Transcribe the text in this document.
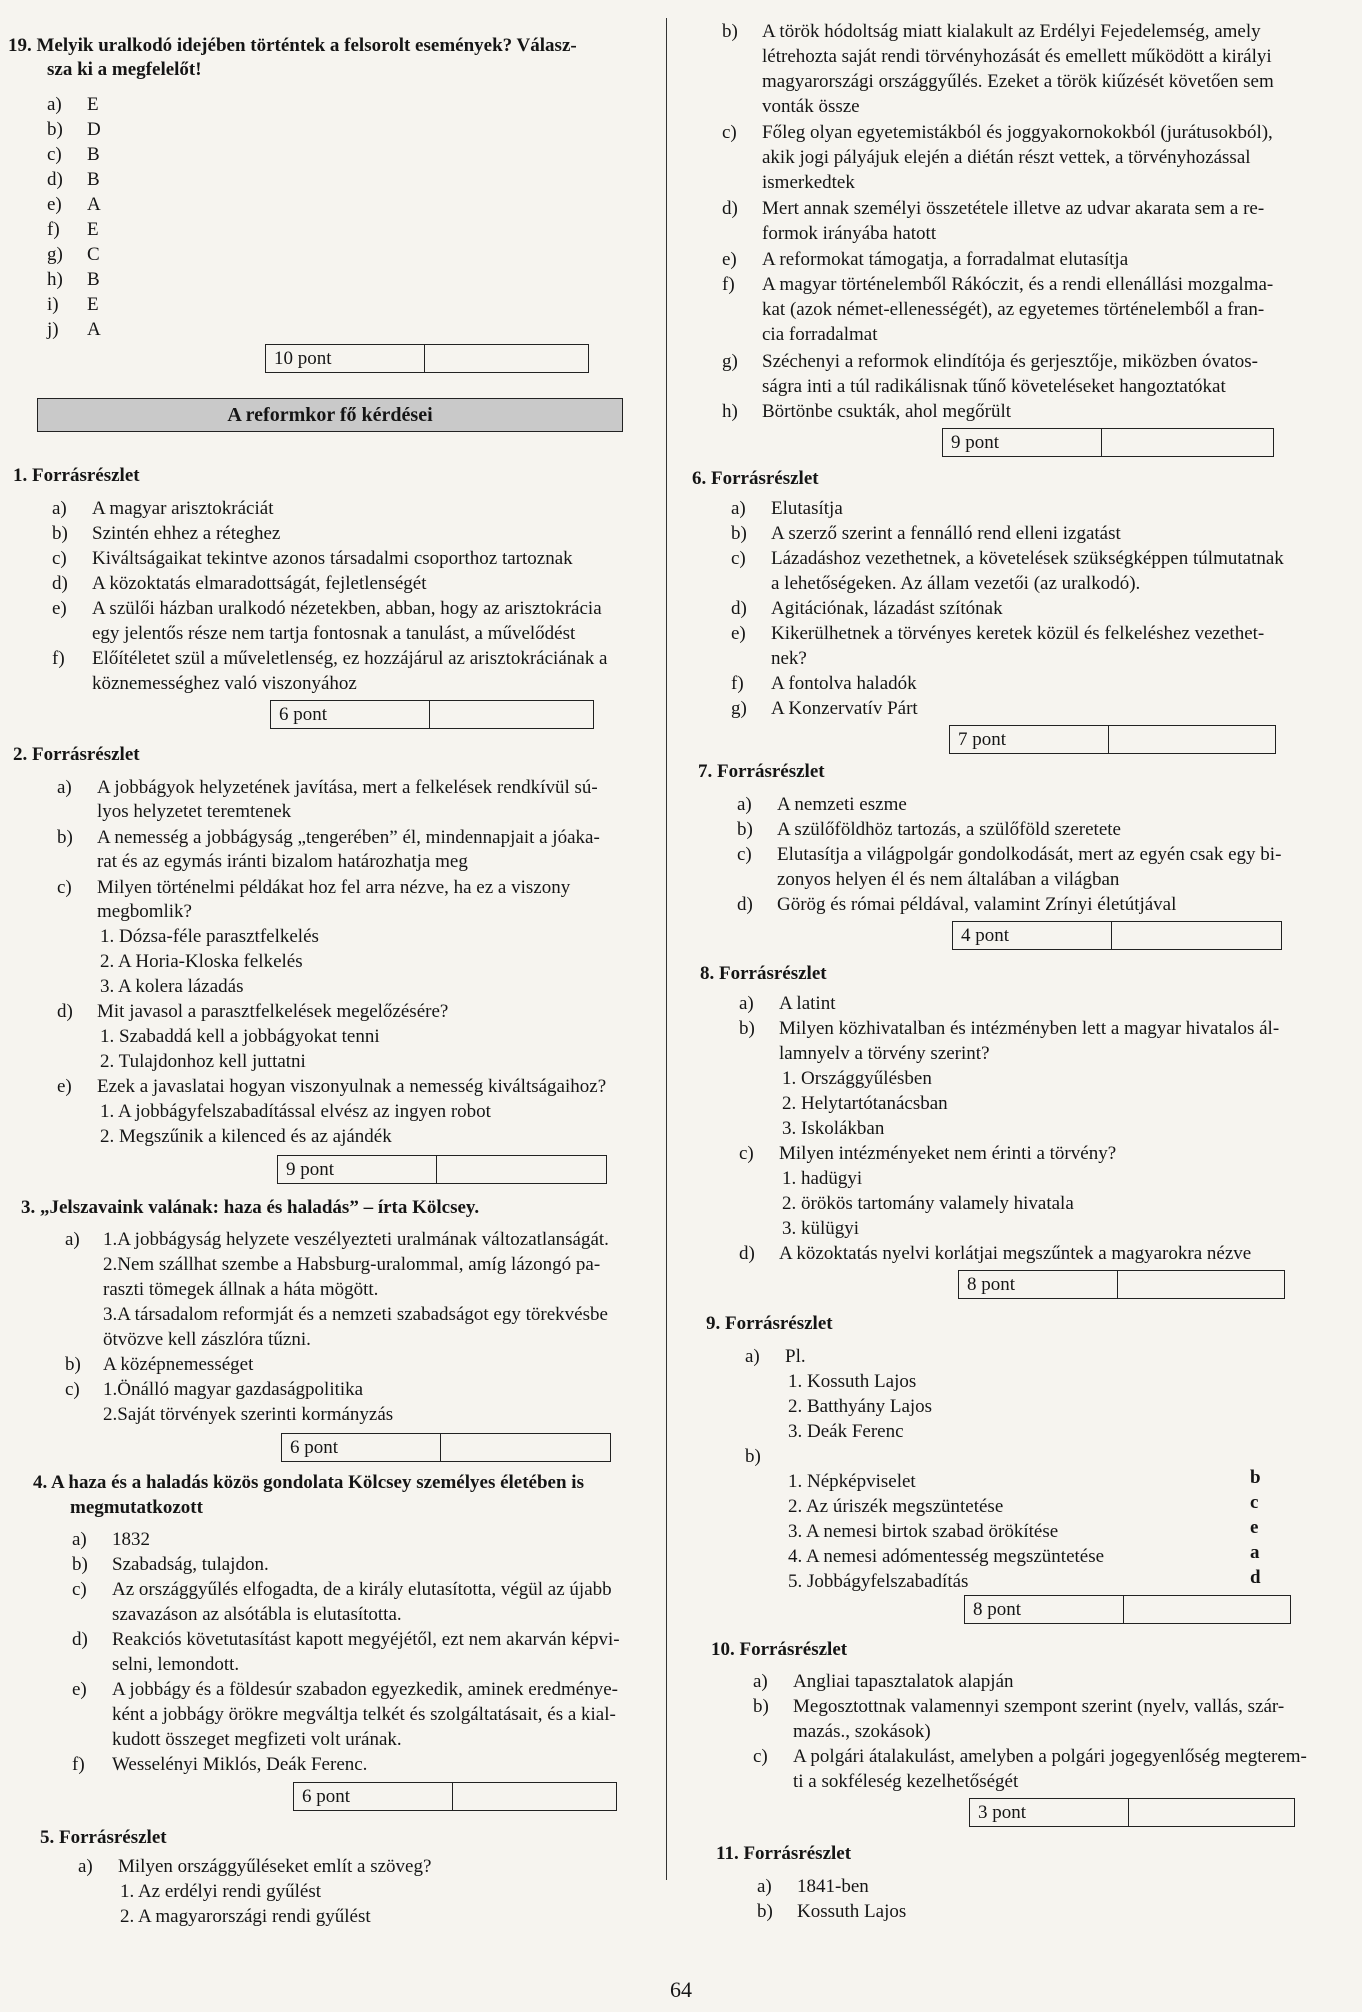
19. Melyik uralkodó idejében történtek a felsorolt események? Válasz-
sza ki a megfelelőt!
a) E
b) D
c) B
d) B
e) A
f) E
g) C
h) B
i) E
j) A
10 pont
A reformkor fő kérdései
1. Forrásrészlet
a) A magyar arisztokráciát
b) Szintén ehhez a réteghez
c) Kiváltságaikat tekintve azonos társadalmi csoporthoz tartoznak
d) A közoktatás elmaradottságát, fejletlenségét
e) A szülői házban uralkodó nézetekben, abban, hogy az arisztokrácia
egy jelentős része nem tartja fontosnak a tanulást, a művelődést
f) Előítéletet szül a műveletlenség, ez hozzájárul az arisztokráciának a
köznemességhez való viszonyához
6 pont
2. Forrásrészlet
a) A jobbágyok helyzetének javítása, mert a felkelések rendkívül sú-
lyos helyzetet teremtenek
b) A nemesség a jobbágyság „tengerében” él, mindennapjait a jóaka-
rat és az egymás iránti bizalom határozhatja meg
c) Milyen történelmi példákat hoz fel arra nézve, ha ez a viszony
megbomlik?
1. Dózsa-féle parasztfelkelés
2. A Horia-Kloska felkelés
3. A kolera lázadás
d) Mit javasol a parasztfelkelések megelőzésére?
1. Szabaddá kell a jobbágyokat tenni
2. Tulajdonhoz kell juttatni
e) Ezek a javaslatai hogyan viszonyulnak a nemesség kiváltságaihoz?
1. A jobbágyfelszabadítással elvész az ingyen robot
2. Megszűnik a kilenced és az ajándék
9 pont
3. „Jelszavaink valának: haza és haladás” – írta Kölcsey.
a) 1.A jobbágyság helyzete veszélyezteti uralmának változatlanságát.
2.Nem szállhat szembe a Habsburg-uralommal, amíg lázongó pa-
raszti tömegek állnak a háta mögött.
3.A társadalom reformját és a nemzeti szabadságot egy törekvésbe
ötvözve kell zászlóra tűzni.
b) A középnemességet
c) 1.Önálló magyar gazdaságpolitika
2.Saját törvények szerinti kormányzás
6 pont
4. A haza és a haladás közös gondolata Kölcsey személyes életében is
megmutatkozott
a) 1832
b) Szabadság, tulajdon.
c) Az országgyűlés elfogadta, de a király elutasította, végül az újabb
szavazáson az alsótábla is elutasította.
d) Reakciós követutasítást kapott megyéjétől, ezt nem akarván képvi-
selni, lemondott.
e) A jobbágy és a földesúr szabadon egyezkedik, aminek eredménye-
ként a jobbágy örökre megváltja telkét és szolgáltatásait, és a kial-
kudott összeget megfizeti volt urának.
f) Wesselényi Miklós, Deák Ferenc.
6 pont
5. Forrásrészlet
a) Milyen országgyűléseket említ a szöveg?
1. Az erdélyi rendi gyűlést
2. A magyarországi rendi gyűlést
b) A török hódoltság miatt kialakult az Erdélyi Fejedelemség, amely
létrehozta saját rendi törvényhozását és emellett működött a királyi
magyarországi országgyűlés. Ezeket a török kiűzését követően sem
vonták össze
c) Főleg olyan egyetemistákból és joggyakornokokból (jurátusokból),
akik jogi pályájuk elején a diétán részt vettek, a törvényhozással
ismerkedtek
d) Mert annak személyi összetétele illetve az udvar akarata sem a re-
formok irányába hatott
e) A reformokat támogatja, a forradalmat elutasítja
f) A magyar történelemből Rákóczit, és a rendi ellenállási mozgalma-
kat (azok német-ellenességét), az egyetemes történelemből a fran-
cia forradalmat
g) Széchenyi a reformok elindítója és gerjesztője, miközben óvatos-
ságra inti a túl radikálisnak tűnő követeléseket hangoztatókat
h) Börtönbe csukták, ahol megőrült
9 pont
6. Forrásrészlet
a) Elutasítja
b) A szerző szerint a fennálló rend elleni izgatást
c) Lázadáshoz vezethetnek, a követelések szükségképpen túlmutatnak
a lehetőségeken. Az állam vezetői (az uralkodó).
d) Agitációnak, lázadást szítónak
e) Kikerülhetnek a törvényes keretek közül és felkeléshez vezethet-
nek?
f) A fontolva haladók
g) A Konzervatív Párt
7 pont
7. Forrásrészlet
a) A nemzeti eszme
b) A szülőföldhöz tartozás, a szülőföld szeretete
c) Elutasítja a világpolgár gondolkodását, mert az egyén csak egy bi-
zonyos helyen él és nem általában a világban
d) Görög és római példával, valamint Zrínyi életútjával
4 pont
8. Forrásrészlet
a) A latint
b) Milyen közhivatalban és intézményben lett a magyar hivatalos ál-
lamnyelv a törvény szerint?
1. Országgyűlésben
2. Helytartótanácsban
3. Iskolákban
c) Milyen intézményeket nem érinti a törvény?
1. hadügyi
2. örökös tartomány valamely hivatala
3. külügyi
d) A közoktatás nyelvi korlátjai megszűntek a magyarokra nézve
8 pont
9. Forrásrészlet
a) Pl.
1. Kossuth Lajos
2. Batthyány Lajos
3. Deák Ferenc
b)
1. Népképviselet	b
2. Az úriszék megszüntetése	c
3. A nemesi birtok szabad örökítése	e
4. A nemesi adómentesség megszüntetése	a
5. Jobbágyfelszabadítás	d
8 pont
10. Forrásrészlet
a) Angliai tapasztalatok alapján
b) Megosztottnak valamennyi szempont szerint (nyelv, vallás, szár-
mazás., szokások)
c) A polgári átalakulást, amelyben a polgári jogegyenlőség megterem-
ti a sokféleség kezelhetőségét
3 pont
11. Forrásrészlet
a) 1841-ben
b) Kossuth Lajos
64
